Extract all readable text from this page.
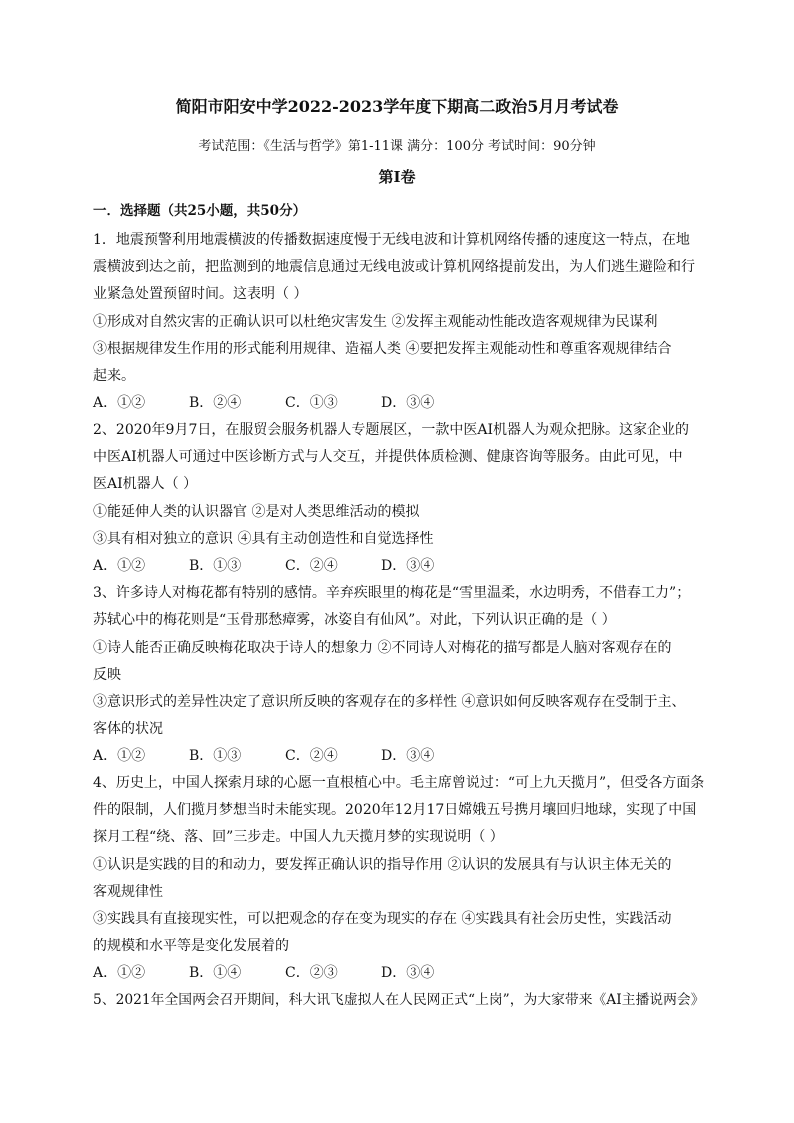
简阳市阳安中学2022-2023学年度下期高二政治5月月考试卷
考试范围：《生活与哲学》第1-11课 满分：100分 考试时间：90分钟
第Ⅰ卷
一．选择题（共25小题，共50分）
1．地震预警利用地震横波的传播数据速度慢于无线电波和计算机网络传播的速度这一特点，在地
震横波到达之前，把监测到的地震信息通过无线电波或计算机网络提前发出，为人们逃生避险和行
业紧急处置预留时间。这表明（ ）
①形成对自然灾害的正确认识可以杜绝灾害发生 ②发挥主观能动性能改造客观规律为民谋利
③根据规律发生作用的形式能利用规律、造福人类 ④要把发挥主观能动性和尊重客观规律结合
起来。
A．①②	B．②④	C．①③	D．③④
2、2020年9月7日，在服贸会服务机器人专题展区，一款中医AI机器人为观众把脉。这家企业的
中医AI机器人可通过中医诊断方式与人交互，并提供体质检测、健康咨询等服务。由此可见，中
医AI机器人（ ）
①能延伸人类的认识器官 ②是对人类思维活动的模拟
③具有相对独立的意识 ④具有主动创造性和自觉选择性
A．①②	B．①③	C．②④	D．③④
3、许多诗人对梅花都有特别的感情。辛弃疾眼里的梅花是“雪里温柔，水边明秀，不借春工力”；
苏轼心中的梅花则是“玉骨那愁瘴雾，冰姿自有仙风”。对此，下列认识正确的是（ ）
①诗人能否正确反映梅花取决于诗人的想象力 ②不同诗人对梅花的描写都是人脑对客观存在的
反映
③意识形式的差异性决定了意识所反映的客观存在的多样性 ④意识如何反映客观存在受制于主、
客体的状况
A．①②	B．①③	C．②④	D．③④
4、历史上，中国人探索月球的心愿一直根植心中。毛主席曾说过：“可上九天揽月”，但受各方面条
件的限制，人们揽月梦想当时未能实现。2020年12月17日嫦娥五号携月壤回归地球，实现了中国
探月工程“绕、落、回”三步走。中国人九天揽月梦的实现说明（ ）
①认识是实践的目的和动力，要发挥正确认识的指导作用 ②认识的发展具有与认识主体无关的
客观规律性
③实践具有直接现实性，可以把观念的存在变为现实的存在 ④实践具有社会历史性，实践活动
的规模和水平等是变化发展着的
A．①②	B．①④	C．②③	D．③④
5、2021年全国两会召开期间，科大讯飞虚拟人在人民网正式“上岗”，为大家带来《AI主播说两会》
